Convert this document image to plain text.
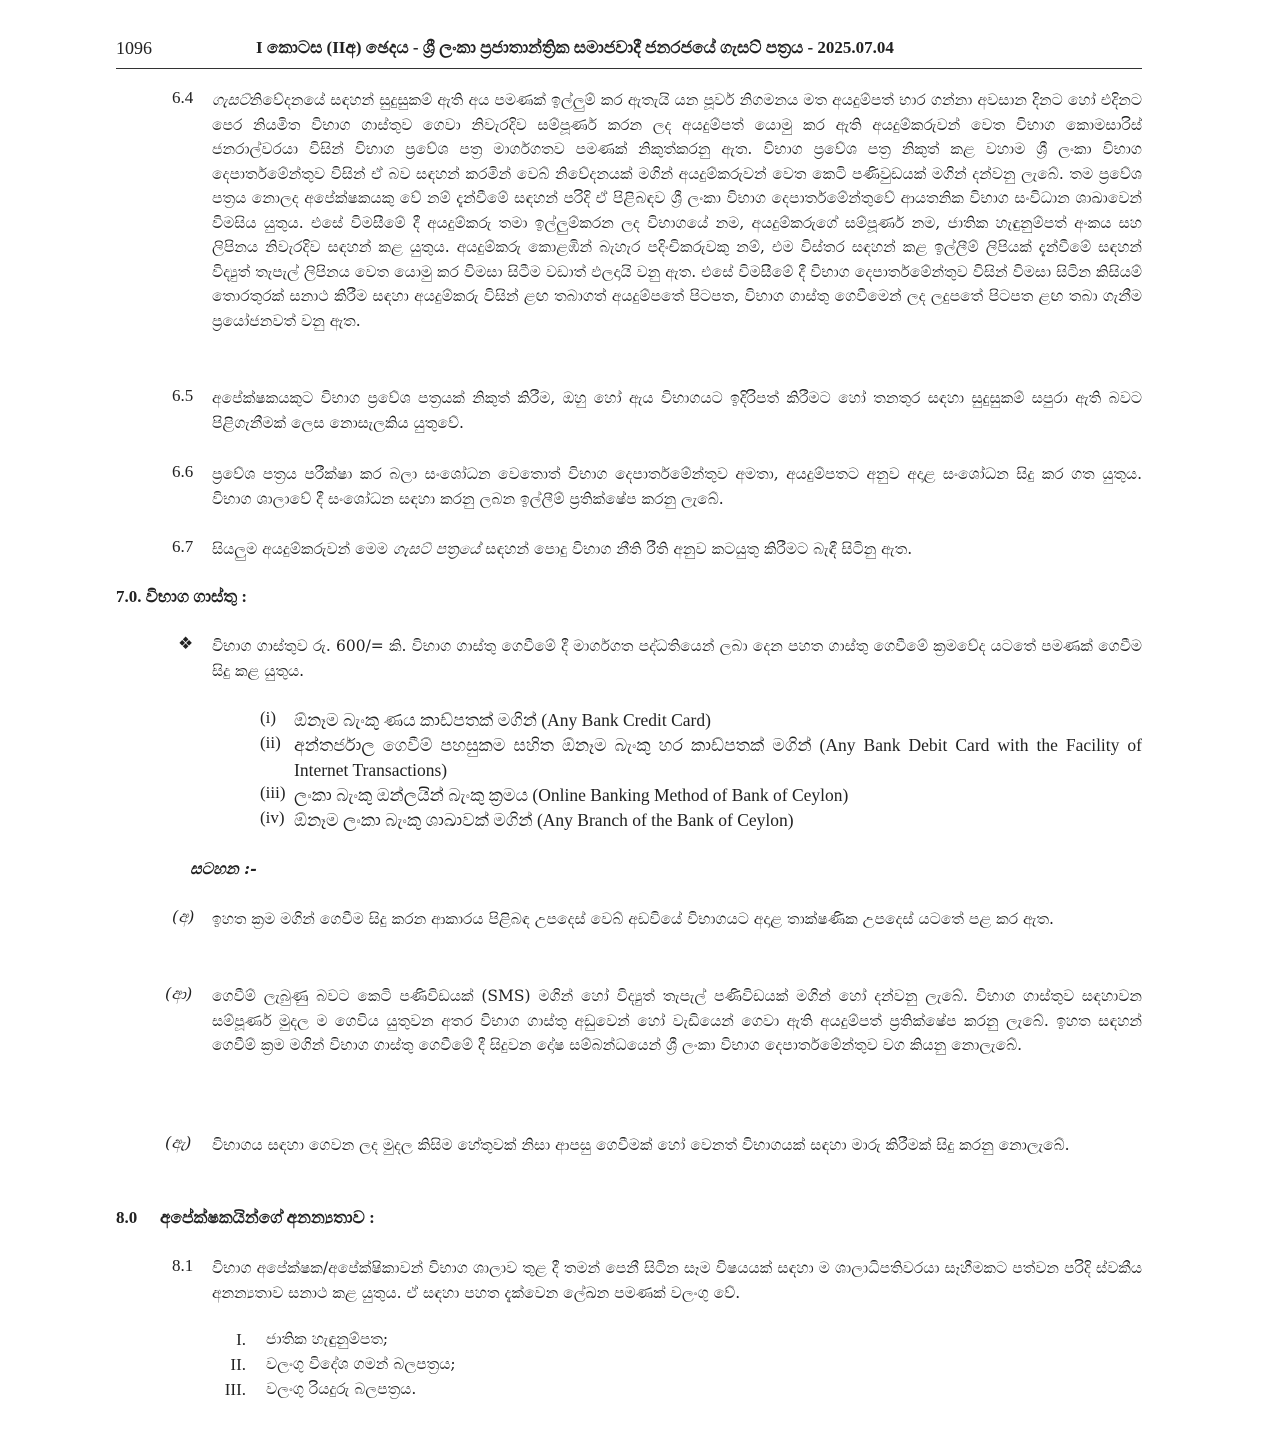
1096	I කොටස (IIඅ) ඡෙදය - ශ්‍රී ලංකා ප්‍රජාතාන්ත්‍රික සමාජවාදී ජනරජයේ ගැසට් පත්‍රය - 2025.07.04
6.4 ගැසට්නිවේදනයේ සඳහන් සුදුසුකම් ඇති අය පමණක් ඉල්ලුම් කර ඇතැයි යන පූර්ව නිගමනය මත අයදුම්පත් භාර ගන්නා අවසාන දිනට හෝ එදිනට පෙර නියමිත විභාග ගාස්තුව ගෙවා නිවැරදිව සම්පූර්ණ කරන ලද අයදුම්පත් යොමු කර ඇති අයදුම්කරුවන් වෙත විභාග කොමසාරිස් ජනරාල්වරයා විසින් විභාග ප්‍රවේශ පත්‍ර මාර්ගගතව පමණක් නිකුත්කරනු ඇත. විභාග ප්‍රවේශ පත්‍ර නිකුත් කළ වහාම ශ්‍රී ලංකා විභාග දෙපාර්තමේන්තුව විසින් ඒ බව සඳහන් කරමින් වෙබ් නිවේදනයක් මගින් අයදුම්කරුවන් වෙත කෙටි පණිවුඩයක් මගින් දන්වනු ලැබේ. තම ප්‍රවේශ පත්‍රය නොලද අපේක්ෂකයකු වේ නම් දැන්වීමේ සඳහන් පරිදි ඒ පිළිබඳව ශ්‍රී ලංකා විභාග දෙපාර්තමේන්තුවේ ආයතනික විභාග සංවිධාන ශාඛාවෙන් විමසිය යුතුය. එසේ විමසීමේ දී අයදුම්කරු තමා ඉල්ලුම්කරන ලද විභාගයේ නම, අයදුම්කරුගේ සම්පූර්ණ නම, ජාතික හැඳුනුම්පත් අංකය සහ ලිපිනය නිවැරදිව සඳහන් කළ යුතුය. අයදුම්කරු කොළඹින් බැහැර පදිංචිකරුවකු නම්, එම විස්තර සඳහන් කළ ඉල්ලීම් ලිපියක් දැන්වීමේ සඳහන් විද්‍යුත් තැපැල් ලිපිනය වෙත යොමු කර විමසා සිටීම වඩාත් ඵලදායි වනු ඇත. එසේ විමසීමේ දී විභාග දෙපාර්තමේන්තුව විසින් විමසා සිටින කිසියම් තොරතුරක් සනාථ කිරීම සඳහා අයදුම්කරු විසින් ළඟ තබාගත් අයදුම්පතේ පිටපත, විභාග ගාස්තු ගෙවීමෙන් ලද ලදුපතේ පිටපත ළඟ තබා ගැනීම ප්‍රයෝජනවත් වනු ඇත.

6.5 අපේක්ෂකයකුට විභාග ප්‍රවේශ පත්‍රයක් නිකුත් කිරීම, ඔහු හෝ ඇය විභාගයට ඉදිරිපත් කිරීමට හෝ තනතුර සඳහා සුදුසුකම් සපුරා ඇති බවට පිළිගැනීමක් ලෙස නොසැලකිය යුතුවේ.

6.6 ප්‍රවේශ පත්‍රය පරීක්ෂා කර බලා සංශෝධන වෙතොත් විභාග දෙපාර්තමේන්තුව අමතා, අයදුම්පතට අනුව අදාළ සංශෝධන සිදු කර ගත යුතුය. විභාග ශාලාවේ දී සංශෝධන සඳහා කරනු ලබන ඉල්ලීම් ප්‍රතික්ෂේප කරනු ලැබේ.

6.7 සියලුම අයදුම්කරුවන් මෙම ගැසට් පත්‍රයේ සඳහන් පොදු විභාග නීති රීති අනුව කටයුතු කිරීමට බැඳී සිටිනු ඇත.

7.0. විභාග ගාස්තු :
❖ විභාග ගාස්තුව රු. 600/= කි. විභාග ගාස්තු ගෙවීමේ දී මාර්ගගත පද්ධතියෙන් ලබා දෙන පහත ගාස්තු ගෙවීමේ ක්‍රමවේද යටතේ පමණක් ගෙවීම සිදු කළ යුතුය.

(i) ඕනෑම බැංකු ණය කාඩ්පතක් මගින් (Any Bank Credit Card)
(ii) අන්තර්ජාල ගෙවීම් පහසුකම සහිත ඕනෑම බැංකු හර කාඩ්පතක් මගින් (Any Bank Debit Card with the Facility of Internet Transactions)
(iii) ලංකා බැංකු ඔන්ලයින් බැංකු ක්‍රමය (Online Banking Method of Bank of Ceylon)
(iv) ඕනෑම ලංකා බැංකු ශාඛාවක් මගින් (Any Branch of the Bank of Ceylon)
සටහන :-
(අ) ඉහත ක්‍රම මගින් ගෙවීම සිදු කරන ආකාරය පිළිබඳ උපදෙස් වෙබ් අඩවියේ විභාගයට අදාළ තාක්ෂණික උපදෙස් යටතේ පළ කර ඇත.

(ආ) ගෙවීම් ලැබුණු බවට කෙටි පණිවිඩයක් (SMS) මගින් හෝ විද්‍යුත් තැපැල් පණිවිඩයක් මගින් හෝ දන්වනු ලැබේ. විභාග ගාස්තුව සඳහාවන සම්පූර්ණ මුදල ම ගෙවිය යුතුවන අතර විභාග ගාස්තු අඩුවෙන් හෝ වැඩියෙන් ගෙවා ඇති අයදුම්පත් ප්‍රතික්ෂේප කරනු ලැබේ. ඉහත සඳහන් ගෙවීම් ක්‍රම මගින් විභාග ගාස්තු ගෙවීමේ දී සිදුවන දෝෂ සම්බන්ධයෙන් ශ්‍රී ලංකා විභාග දෙපාර්තමේන්තුව වග කියනු නොලැබේ.

(ඇ) විභාගය සඳහා ගෙවන ලද මුදල කිසිම හේතුවක් නිසා ආපසු ගෙවීමක් හෝ වෙනත් විභාගයක් සඳහා මාරු කිරීමක් සිදු කරනු නොලැබේ.

8.0 අපේක්ෂකයින්ගේ අනන්‍යතාව :
8.1 විභාග අපේක්ෂක/අපේක්ෂිකාවන් විභාග ශාලාව තුළ දී තමන් පෙනී සිටින සෑම විෂයයක් සඳහා ම ශාලාධිපතිවරයා සෑහීමකට පත්වන පරිදි ස්වකීය අනන්‍යතාව සනාථ කළ යුතුය. ඒ සඳහා පහත දැක්වෙන ලේඛන පමණක් වලංගු වේ.

I. ජාතික හැඳුනුම්පත;
II. වලංගු විදේශ ගමන් බලපත්‍රය;
III. වලංගු රියදුරු බලපත්‍රය.
